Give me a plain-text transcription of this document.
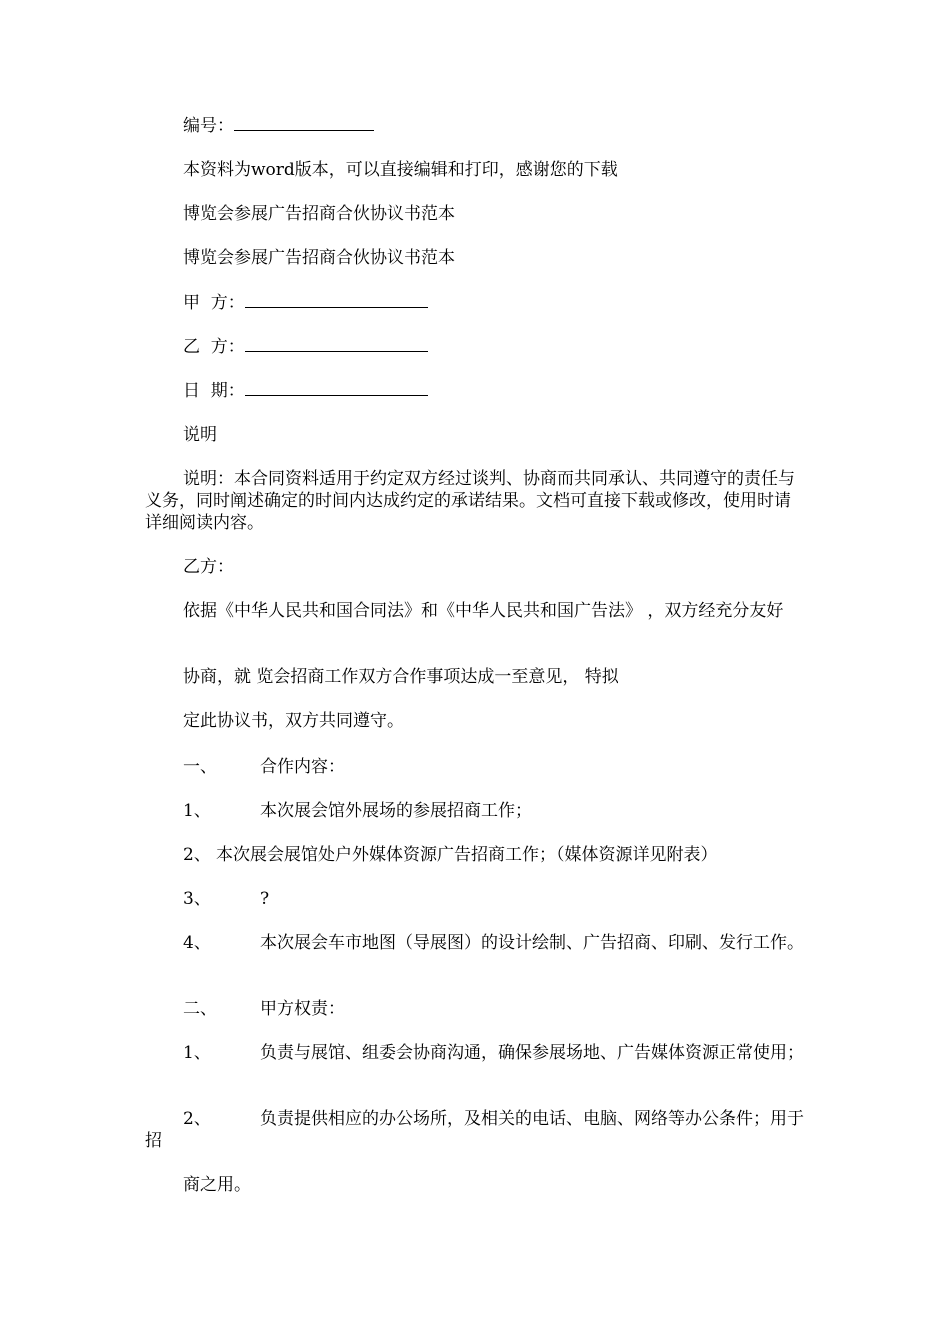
编号：
本资料为word版本，可以直接编辑和打印，感谢您的下载
博览会参展广告招商合伙协议书范本
博览会参展广告招商合伙协议书范本
甲  方：
乙  方：
日  期：
说明
说明：本合同资料适用于约定双方经过谈判、协商而共同承认、共同遵守的责任与义务，同时阐述确定的时间内达成约定的承诺结果。文档可直接下载或修改，使用时请详细阅读内容。
乙方：
依据《中华人民共和国合同法》和《中华人民共和国广告法》 ，双方经充分友好
协商，就 览会招商工作双方合作事项达成一至意见， 特拟
定此协议书，双方共同遵守。
一、	合作内容：
1、	本次展会馆外展场的参展招商工作；
2、 本次展会展馆处户外媒体资源广告招商工作；（媒体资源详见附表）
3、	?
4、	本次展会车市地图（导展图）的设计绘制、广告招商、印刷、发行工作。
二、	甲方权责：
1、	负责与展馆、组委会协商沟通，确保参展场地、广告媒体资源正常使用；
2、	负责提供相应的办公场所，及相关的电话、电脑、网络等办公条件；用于招
商之用。
